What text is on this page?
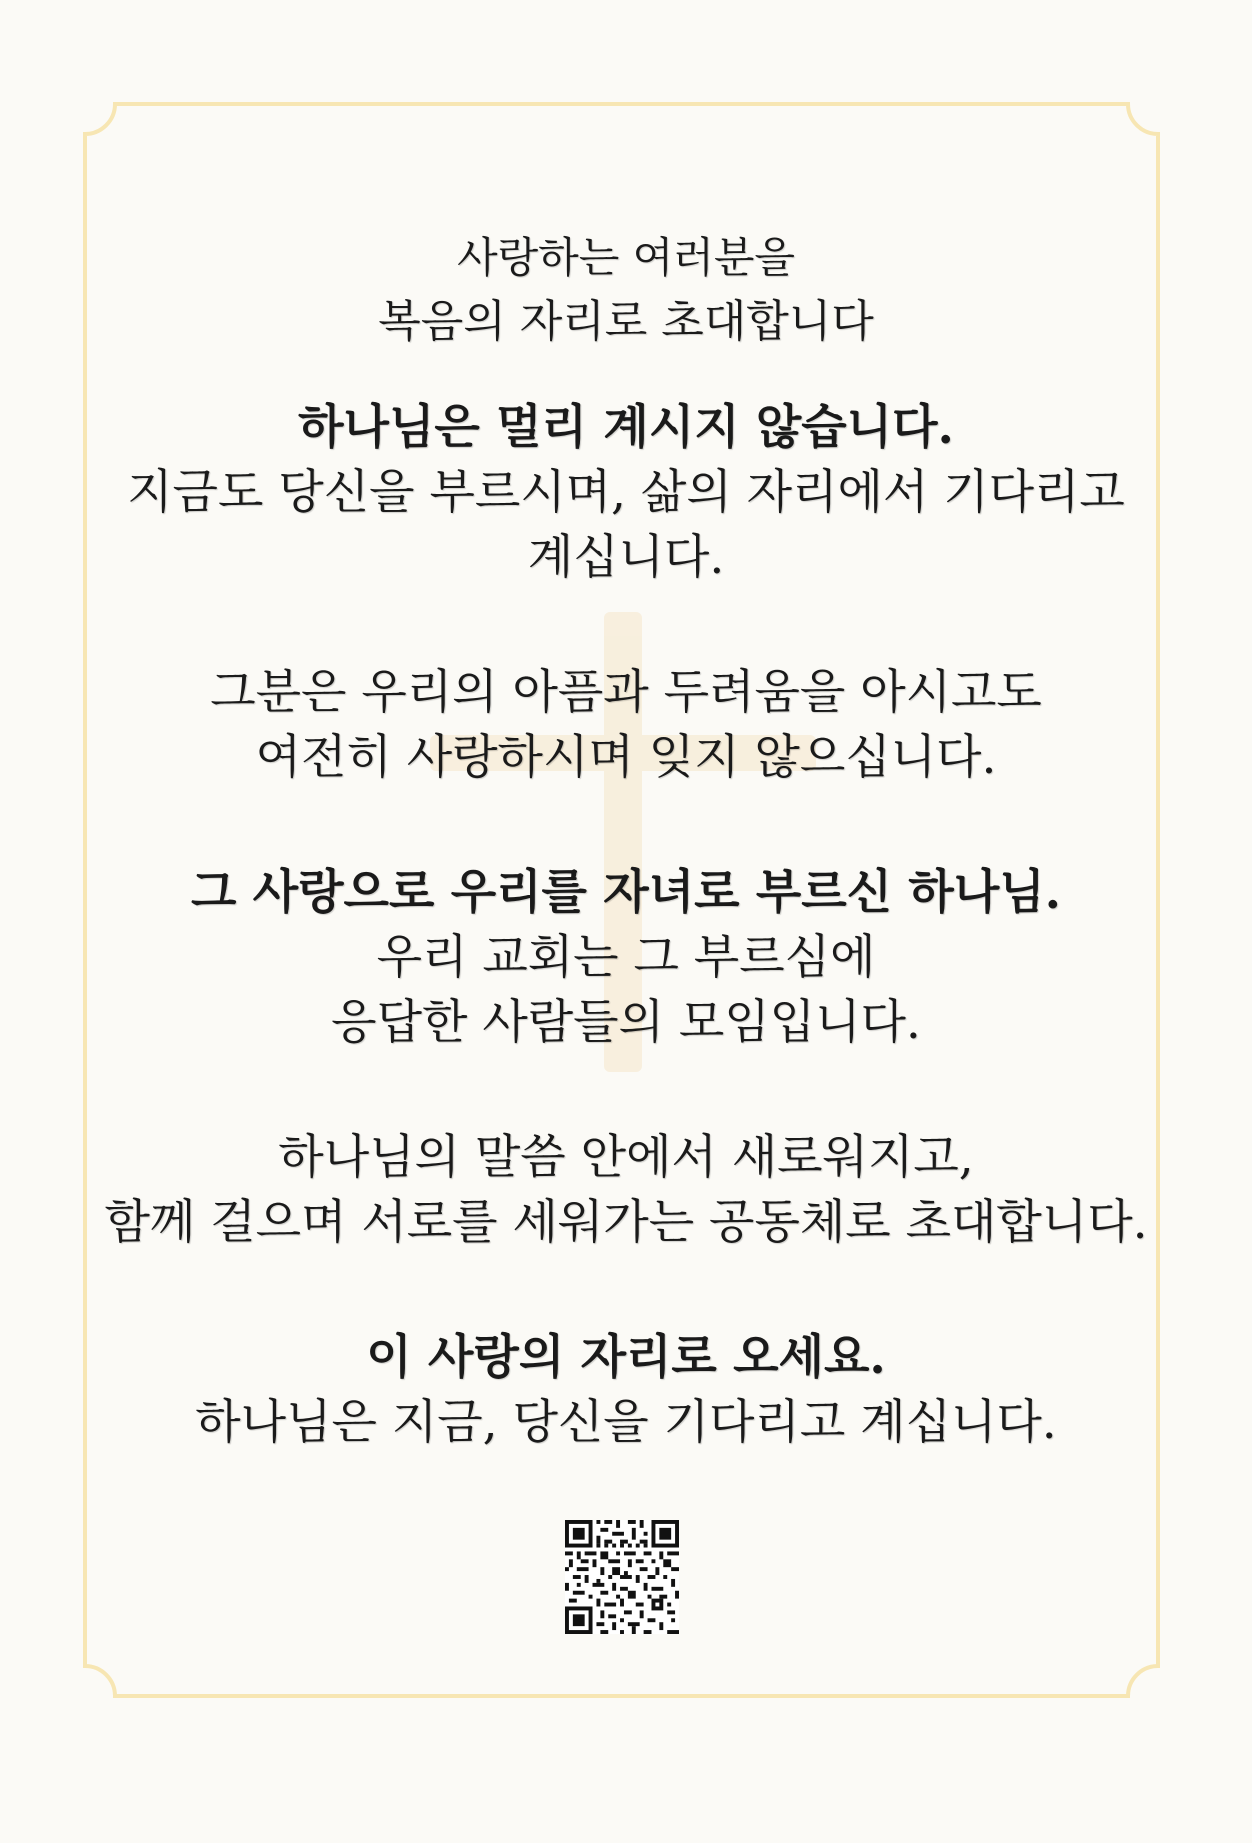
사랑하는 여러분을
복음의 자리로 초대합니다
하나님은 멀리 계시지 않습니다.
지금도 당신을 부르시며, 삶의 자리에서 기다리고
계십니다.
그분은 우리의 아픔과 두려움을 아시고도
여전히 사랑하시며 잊지 않으십니다.
그 사랑으로 우리를 자녀로 부르신 하나님.
우리 교회는 그 부르심에
응답한 사람들의 모임입니다.
하나님의 말씀 안에서 새로워지고,
함께 걸으며 서로를 세워가는 공동체로 초대합니다.
이 사랑의 자리로 오세요.
하나님은 지금, 당신을 기다리고 계십니다.
